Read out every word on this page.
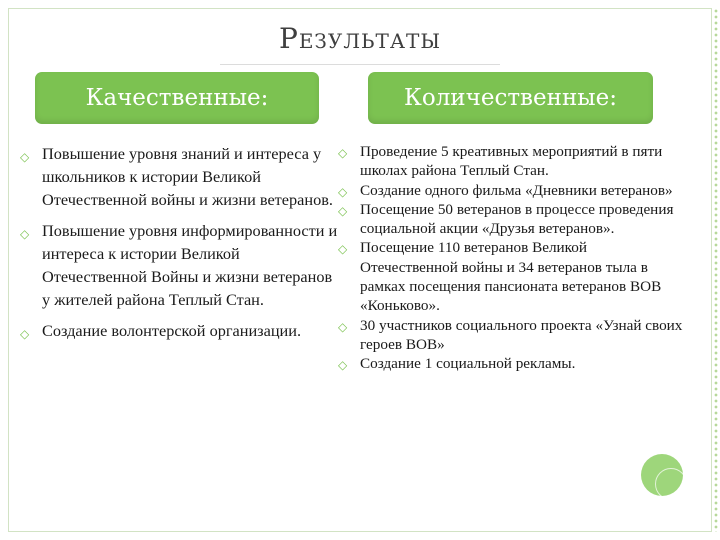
Результаты
Качественные:	Количественные:
◇ Повышение уровня знаний и интереса у школьников к истории Великой Отечественной войны и жизни ветеранов.
◇ Повышение уровня информированности и интереса к истории Великой Отечественной Войны и жизни ветеранов у жителей района Теплый Стан.
◇ Создание волонтерской организации.
◇ Проведение 5 креативных мероприятий в пяти школах района Теплый Стан.
◇ Создание одного фильма «Дневники ветеранов»
◇ Посещение 50 ветеранов в процессе проведения социальной акции «Друзья ветеранов».
◇ Посещение 110 ветеранов Великой Отечественной войны и 34 ветеранов тыла в рамках посещения пансионата ветеранов ВОВ «Коньково».
◇ 30 участников социального проекта «Узнай своих героев ВОВ»
◇ Создание 1 социальной рекламы.
